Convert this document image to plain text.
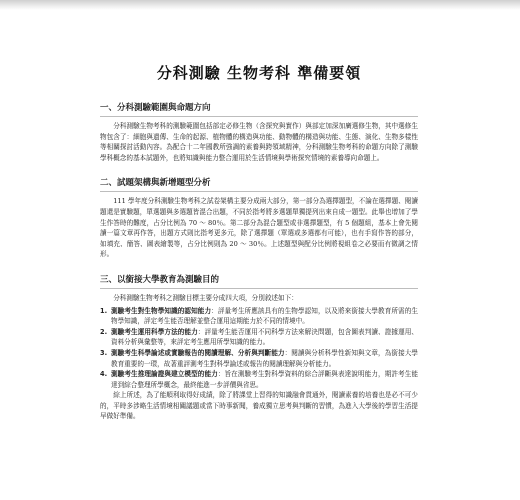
分科測驗 生物考科 準備要領
一、分科測驗範圍與命題方向

分科測驗生物考科的測驗範圍包括部定必修生物（含探究與實作）與部定加深加廣選修生物，其中選修生物包含了：細胞與遺傳、生命的起源、植物體的構造與功能、動物體的構造與功能、生態、演化、生物多樣性等相關探討活動內容。為配合十二年國教所強調的素養與跨領域精神，分科測驗生物考科的命題方向除了測驗學科概念的基本試題外，也將知識與能力整合運用於生活情境與學術探究情境的素養導向命題上。

二、試題架構與新增題型分析

111 學年度分科測驗生物考科之試卷架構主要分成兩大部分，第一部分為選擇題型，不論在選擇題、閱讀題還是實驗題，單選題與多選題皆混合出題，不同於指考將多選題單獨提列出來自成一題型。此舉也增加了學生作答時的難度，占分比例為 70 ～ 80％。第二部分為混合題型或非選擇題型，有 5 個題組，基本上會先閱讀一篇文章再作答，出題方式則比指考更多元，除了選擇題（單選或多選都有可能），也有手寫作答的部分，如填充、簡答、圖表繪製等，占分比例則為 20 ～ 30％。上述題型與配分比例將視組卷之必要而有微調之情形。

三、以銜接大學教育為測驗目的

分科測驗生物考科之測驗目標主要分成四大項，分別敘述如下：

1. 測驗考生對生物學知識的認知能力：評量考生所應該具有的生物學認知，以及將來銜接大學教育所需的生物學知識，評定考生能否理解並整合運用這期能力於不同的情境中。
2. 測驗考生運用科學方法的能力：評量考生能否運用不同科學方法來解決問題，包含圖表判讀、證據運用、資料分析與彙整等，來評定考生應用所學知識的能力。
3. 測驗考生科學論述或實驗報告的閱讀理解、分析與判斷能力：閱讀與分析科學性新知與文章，為銜接大學教育重要的一環，故著重評測考生對科學論述或報告的閱讀理解與分析能力。
4. 測驗考生推理論證與建立模型的能力：旨在測驗考生對科學資料的綜合評斷與表達說明能力，期許考生能達到綜合整理所學概念，最終能進一步評價與省思。

綜上所述，為了能順利取得好成績，除了將課堂上習得的知識融會貫通外，閱讀素養的培養也是必不可少的，平時多涉略生活情境相關議題或當下時事新聞，養成獨立思考與判斷的習慣，為進入大學後的學習生活提早做好準備。
